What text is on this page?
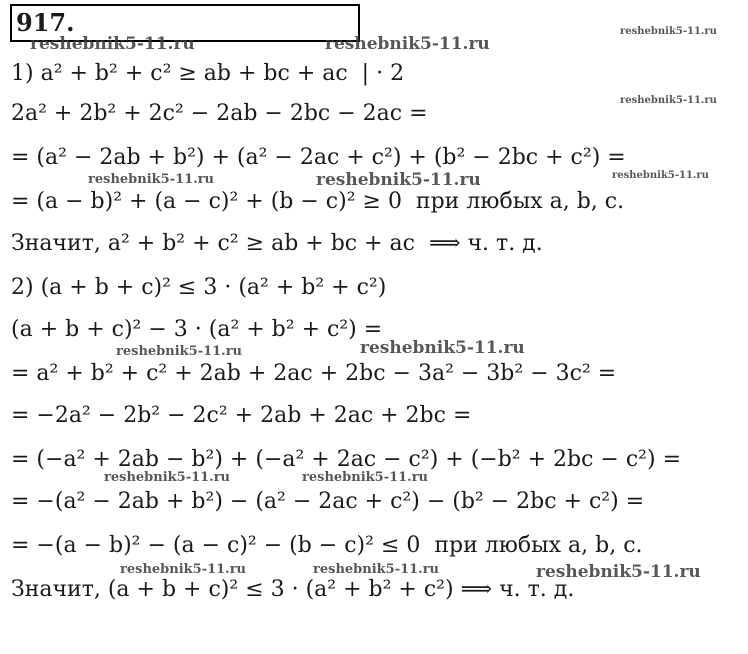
917.
1) a² + b² + c² ≥ ab + bc + ac  | · 2
2a² + 2b² + 2c² − 2ab − 2bc − 2ac =
= (a² − 2ab + b²) + (a² − 2ac + c²) + (b² − 2bc + c²) =
= (a − b)² + (a − c)² + (b − c)² ≥ 0  при любых a, b, c.
Значит, a² + b² + c² ≥ ab + bc + ac  ⟹ ч. т. д.
2) (a + b + c)² ≤ 3 · (a² + b² + c²)
(a + b + c)² − 3 · (a² + b² + c²) =
= a² + b² + c² + 2ab + 2ac + 2bc − 3a² − 3b² − 3c² =
= −2a² − 2b² − 2c² + 2ab + 2ac + 2bc =
= (−a² + 2ab − b²) + (−a² + 2ac − c²) + (−b² + 2bc − c²) =
= −(a² − 2ab + b²) − (a² − 2ac + c²) − (b² − 2bc + c²) =
= −(a − b)² − (a − c)² − (b − c)² ≤ 0  при любых a, b, c.
Значит, (a + b + c)² ≤ 3 · (a² + b² + c²) ⟹ ч. т. д.
reshebnik5-11.ru	reshebnik5-11.ru
reshebnik5-11.ru
reshebnik5-11.ru
reshebnik5-11.ru	reshebnik5-11.ru	reshebnik5-11.ru
reshebnik5-11.ru	reshebnik5-11.ru
reshebnik5-11.ru	reshebnik5-11.ru
reshebnik5-11.ru	reshebnik5-11.ru	reshebnik5-11.ru
